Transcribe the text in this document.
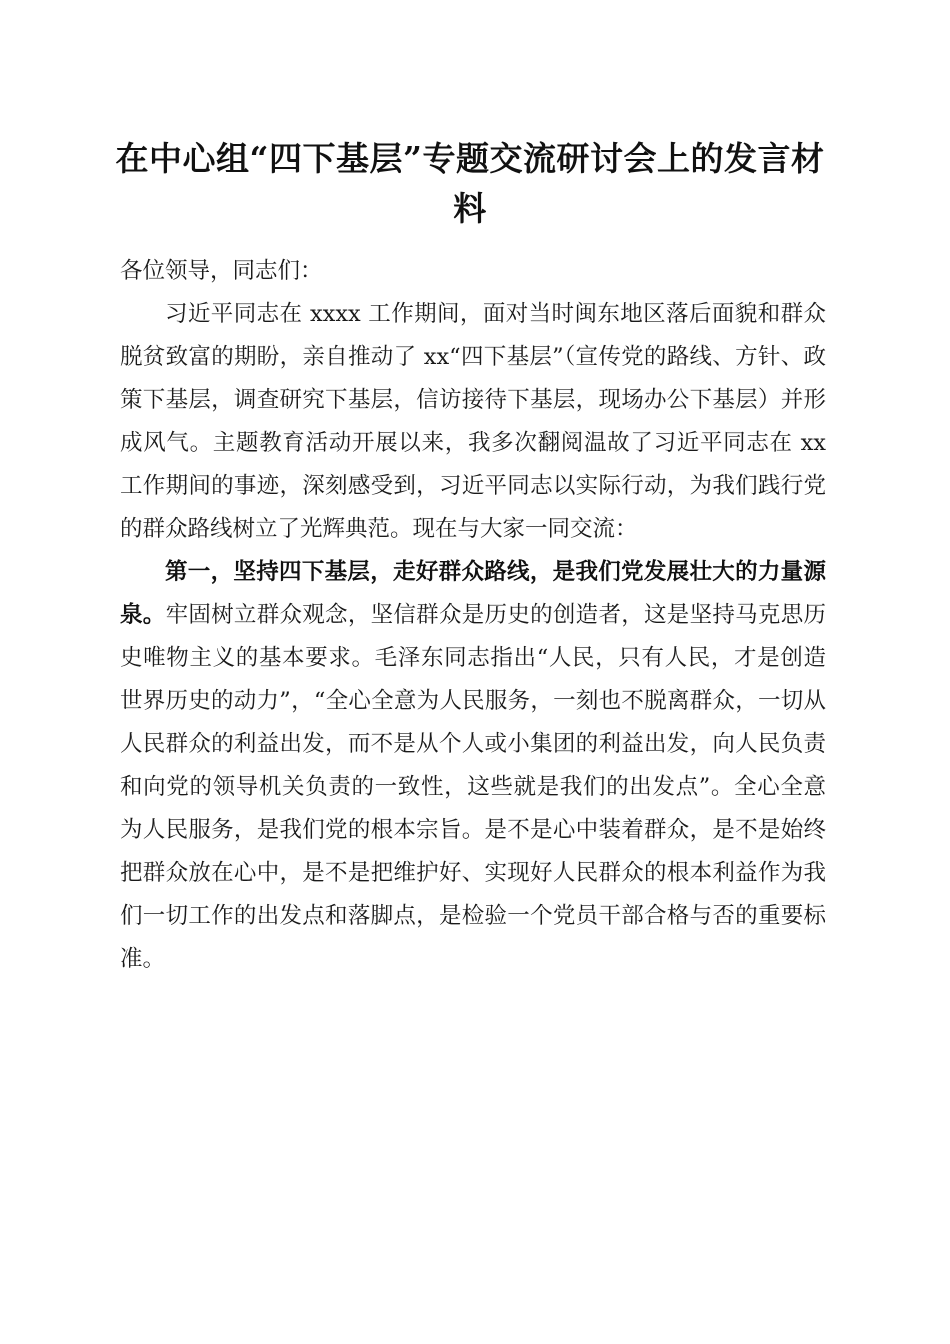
在中心组“四下基层”专题交流研讨会上的发言材料

各位领导，同志们：

习近平同志在 xxxx 工作期间，面对当时闽东地区落后面貌和群众脱贫致富的期盼，亲自推动了 xx“四下基层”（宣传党的路线、方针、政策下基层，调查研究下基层，信访接待下基层，现场办公下基层）并形成风气。主题教育活动开展以来，我多次翻阅温故了习近平同志在 xx 工作期间的事迹，深刻感受到，习近平同志以实际行动，为我们践行党的群众路线树立了光辉典范。现在与大家一同交流：

第一，坚持四下基层，走好群众路线，是我们党发展壮大的力量源泉。牢固树立群众观念，坚信群众是历史的创造者，这是坚持马克思历史唯物主义的基本要求。毛泽东同志指出“人民，只有人民，才是创造世界历史的动力”，“全心全意为人民服务，一刻也不脱离群众，一切从人民群众的利益出发，而不是从个人或小集团的利益出发，向人民负责和向党的领导机关负责的一致性，这些就是我们的出发点”。全心全意为人民服务，是我们党的根本宗旨。是不是心中装着群众，是不是始终把群众放在心中，是不是把维护好、实现好人民群众的根本利益作为我们一切工作的出发点和落脚点，是检验一个党员干部合格与否的重要标准。
